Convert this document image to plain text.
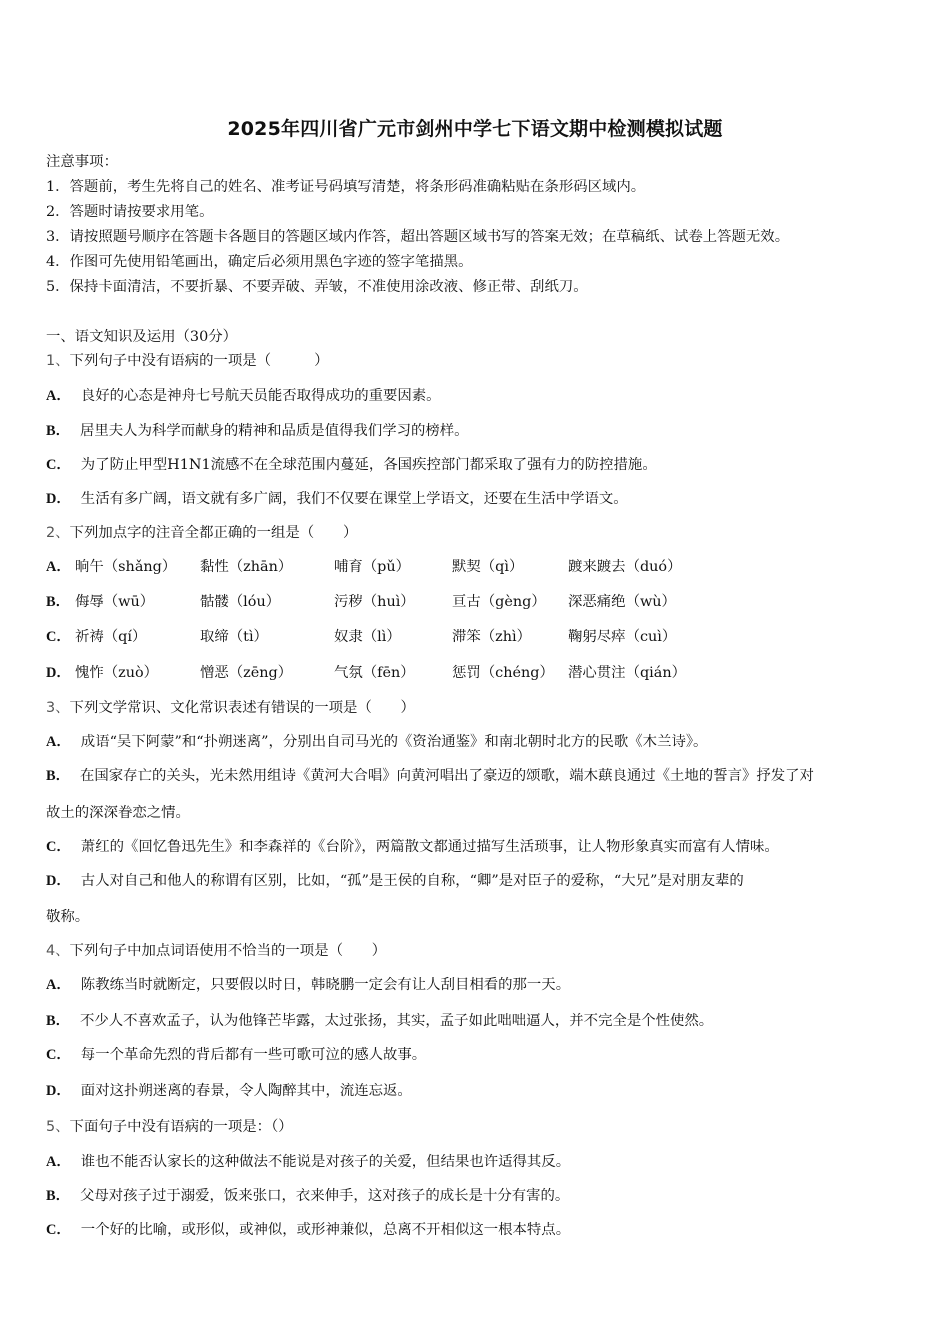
2025年四川省广元市剑州中学七下语文期中检测模拟试题
注意事项：
1．答题前，考生先将自己的姓名、准考证号码填写清楚，将条形码准确粘贴在条形码区域内。
2．答题时请按要求用笔。
3．请按照题号顺序在答题卡各题目的答题区域内作答，超出答题区域书写的答案无效；在草稿纸、试卷上答题无效。
4．作图可先使用铅笔画出，确定后必须用黑色字迹的签字笔描黑。
5．保持卡面清洁，不要折暴、不要弄破、弄皱，不准使用涂改液、修正带、刮纸刀。
一、语文知识及运用（30分）
1、下列句子中没有语病的一项是（　　　）
A． 良好的心态是神舟七号航天员能否取得成功的重要因素。
B． 居里夫人为科学而献身的精神和品质是值得我们学习的榜样。
C． 为了防止甲型H1N1流感不在全球范围内蔓延，各国疾控部门都采取了强有力的防控措施。
D． 生活有多广阔，语文就有多广阔，我们不仅要在课堂上学语文，还要在生活中学语文。
2、下列加点字的注音全都正确的一组是（　　）
A． 晌午（shǎng） 黏性（zhān）	哺育（pǔ）	默契（qì）	踱来踱去（duó）
B． 侮辱（wū）	骷髅（lóu）	污秽（huì）	亘古（gèng） 深恶痛绝（wù）
C． 祈祷（qí）	取缔（tì）	奴隶（lì）	滞笨（zhì）	鞠躬尽瘁（cuì）
D． 愧怍（zuò）	憎恶（zēng）	气氛（fēn）	惩罚（chéng） 潜心贯注（qián）
3、下列文学常识、文化常识表述有错误的一项是（　　）
A． 成语“吴下阿蒙”和“扑朔迷离”，分别出自司马光的《资治通鉴》和南北朝时北方的民歌《木兰诗》。
B． 在国家存亡的关头，光未然用组诗《黄河大合唱》向黄河唱出了豪迈的颂歌，端木蕻良通过《土地的誓言》抒发了对
故土的深深眷恋之情。
C． 萧红的《回忆鲁迅先生》和李森祥的《台阶》，两篇散文都通过描写生活琐事，让人物形象真实而富有人情味。
D． 古人对自己和他人的称谓有区别，比如，“孤”是王侯的自称，“卿”是对臣子的爱称，“大兄”是对朋友辈的
敬称。
4、下列句子中加点词语使用不恰当的一项是（　　）
A． 陈教练当时就断定，只要假以时日，韩晓鹏一定会有让人刮目相看的那一天。
B． 不少人不喜欢孟子，认为他锋芒毕露，太过张扬，其实，孟子如此咄咄逼人，并不完全是个性使然。
C． 每一个革命先烈的背后都有一些可歌可泣的感人故事。
D． 面对这扑朔迷离的春景，令人陶醉其中，流连忘返。
5、下面句子中没有语病的一项是：（）
A． 谁也不能否认家长的这种做法不能说是对孩子的关爱，但结果也许适得其反。
B． 父母对孩子过于溺爱，饭来张口，衣来伸手，这对孩子的成长是十分有害的。
C． 一个好的比喻，或形似，或神似，或形神兼似，总离不开相似这一根本特点。
